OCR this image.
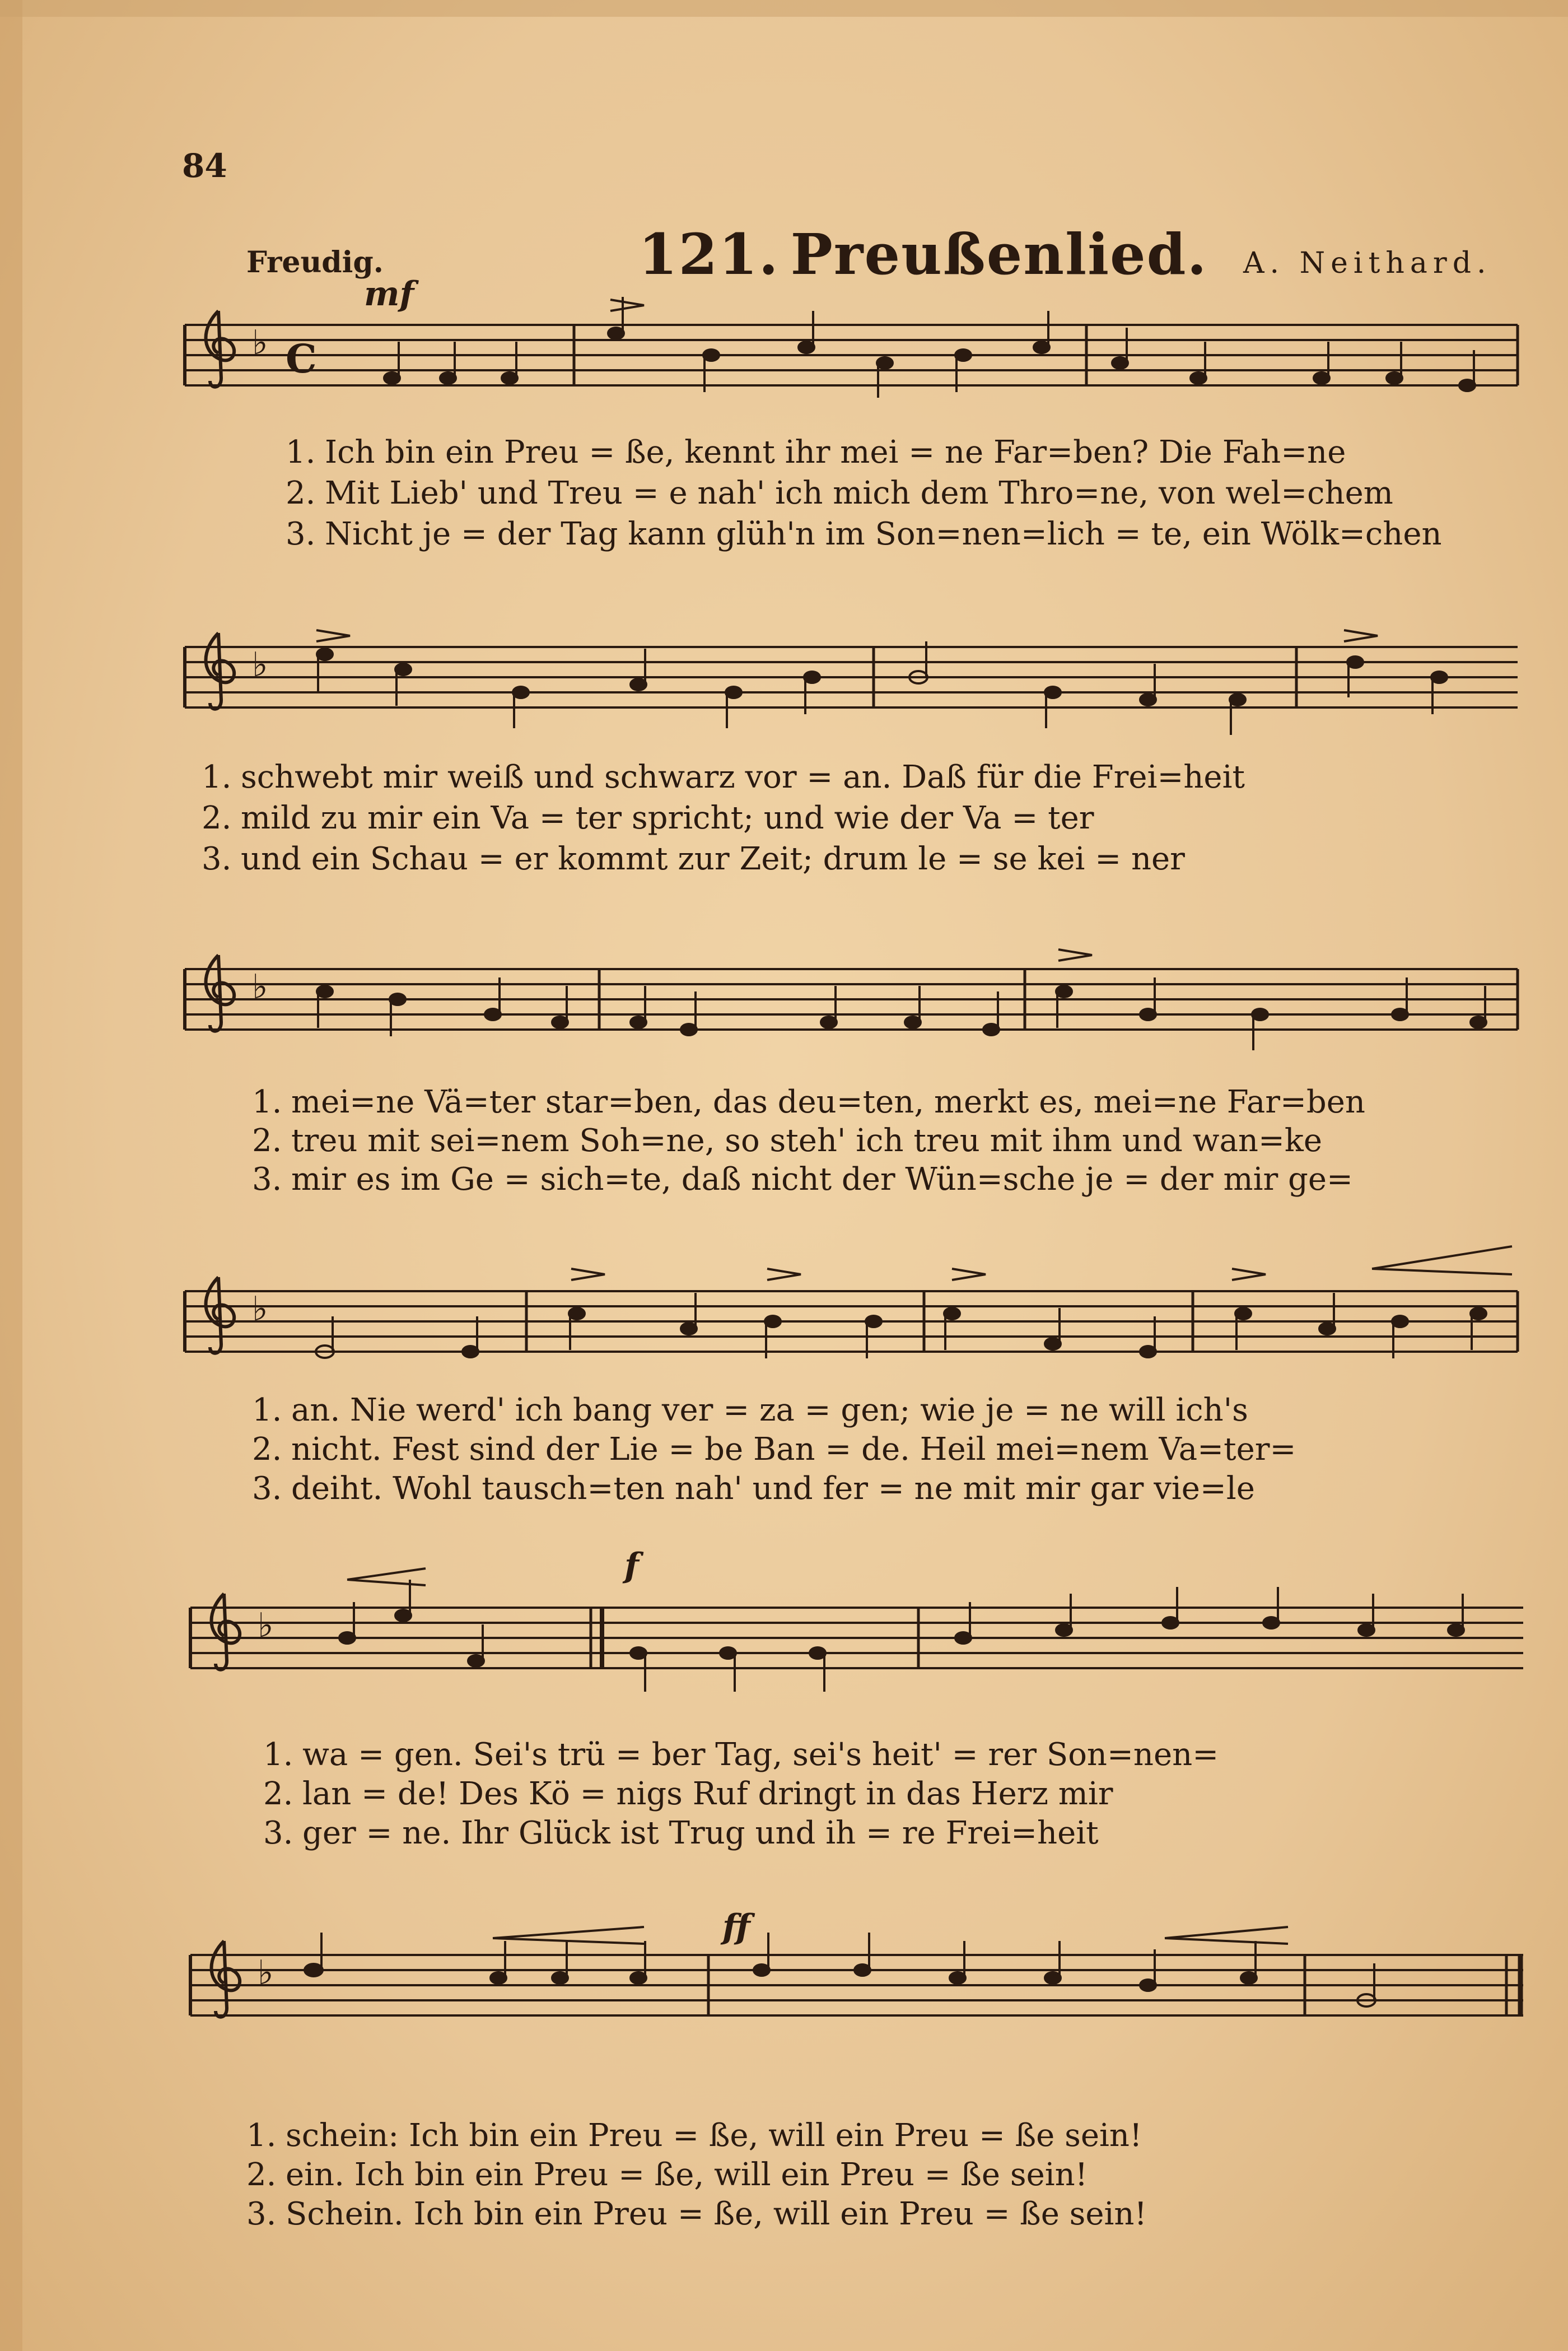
84
Freudig.	121. Preußenlied. A. Neithard.
mf
f
ff
♭ C
♭
♭
♭
♭
♭
1. Ich bin ein Preu = ße, kennt ihr mei = ne Far=ben? Die Fah=ne
2. Mit Lieb' und Treu = e nah' ich mich dem Thro=ne, von wel=chem
3. Nicht je = der Tag kann glüh'n im Son=nen=lich = te, ein Wölk=chen
1. schwebt mir weiß und schwarz vor = an. Daß für die Frei=heit
2. mild zu mir ein Va = ter spricht; und wie der Va = ter
3. und ein Schau = er kommt zur Zeit; drum le = se kei = ner
1. mei=ne Vä=ter star=ben, das deu=ten, merkt es, mei=ne Far=ben
2. treu mit sei=nem Soh=ne, so steh' ich treu mit ihm und wan=ke
3. mir es im Ge = sich=te, daß nicht der Wün=sche je = der mir ge=
1. an. Nie werd' ich bang ver = za = gen; wie je = ne will ich's
2. nicht. Fest sind der Lie = be Ban = de. Heil mei=nem Va=ter=
3. deiht. Wohl tausch=ten nah' und fer = ne mit mir gar vie=le
1. wa = gen. Sei's trü = ber Tag, sei's heit' = rer Son=nen=
2. lan = de! Des Kö = nigs Ruf dringt in das Herz mir
3. ger = ne. Ihr Glück ist Trug und ih = re Frei=heit
1. schein: Ich bin ein Preu = ße, will ein Preu = ße sein!
2. ein. Ich bin ein Preu = ße, will ein Preu = ße sein!
3. Schein. Ich bin ein Preu = ße, will ein Preu = ße sein!
